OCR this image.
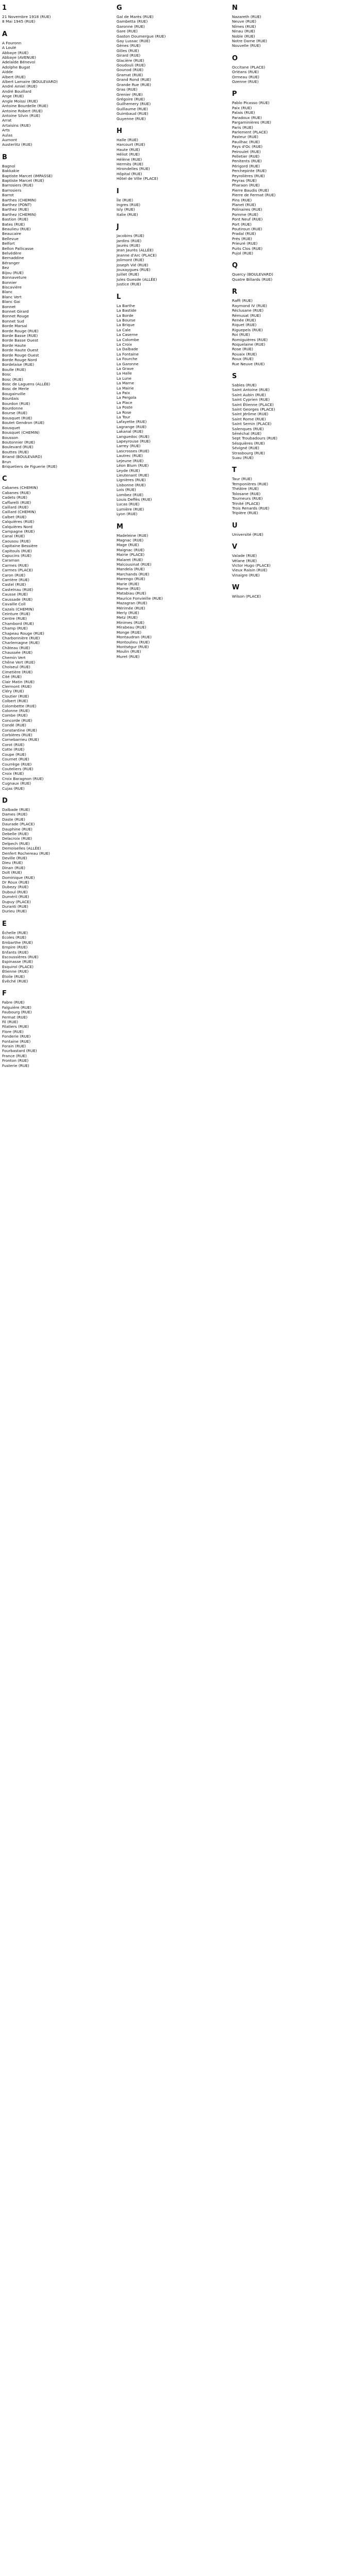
1
21 Novembre 1918 (RUE)
8 Mai 1945 (RUE)
A
A Fouronn
A Loulé
Abbaye (RUE)
Abbaye (AVENUE)
Adelaïde Bénevol
Adolphe Bugat
Aidde
Albert (RUE)
Albert Lamaire (BOULEVARD)
André Amiel (RUE)
André Bouillard
Ange (RUE)
Angle Moissi (RUE)
Antoine Bourdelle (RUE)
Antoine Robert (RUE)
Antoine Silvin (RUE)
Arrat
Artaisins (RUE)
Arts
Aulas
Aumont
Austerlitz (RUE)
B
Bagnol
Bakkakie
Baptiste Marcet (IMPASSE)
Baptiste Marcet (RUE)
Barrosiers (RUE)
Barrosiers
Barrot
Barthes (CHEMIN)
Barthez (PONT)
Barthez (RUE)
Barthez (CHEMIN)
Bastion (RUE)
Bates (RUE)
Beaulieu (RUE)
Beaucaire
Bellevue
Belfort
Bellon Pallicasse
Belvédère
Bernaddine
Béranger
Bez
Bijou (RUE)
Bonnaveture
Bonnier
Biscavière
Blanc
Blanc Vert
Blanc Gai
Bonnet
Bonnet Girard
Bonnet Rouge
Bonnet Sud
Borde Marsal
Borde Rouge (RUE)
Borde Basse (RUE)
Borde Basse Ouest
Borde Haute
Borde Haute Ouest
Borde Rouge Ouest
Borde Rouge Nord
Bordelaise (RUE)
Boulle (RUE)
Bosc
Bosc (RUE)
Bosc de Laguens (ALLÉE)
Bosc de Merle
Bougainville
Bourdais
Bourdon (RUE)
Bourdonne
Bourse (RUE)
Bousquet (RUE)
Boutet Gendron (RUE)
Bousquet
Bousquet (CHEMIN)
Bousson
Boutonnier (RUE)
Boulevard (RUE)
Bouttes (RUE)
Briand (BOULEVARD)
Brun
Briquetiers de Figuerie (RUE)
C
Cabanes (CHEMIN)
Cabanes (RUE)
Cadets (RUE)
Caffarelli (RUE)
Caillard (RUE)
Caillard (CHEMIN)
Calbet (RUE)
Calquières (RUE)
Calquières Nord
Campagne (RUE)
Canal (RUE)
Caousou (RUE)
Capitaine Bessière
Capitouls (RUE)
Capucins (RUE)
Caraman
Carmes (RUE)
Carmes (PLACE)
Caron (RUE)
Carrière (RUE)
Castel (RUE)
Castelnau (RUE)
Causse (RUE)
Caussade (RUE)
Cavaille Coll
Cazals (CHEMIN)
Ceinture (RUE)
Centre (RUE)
Chambord (RUE)
Champ (RUE)
Chapeau Rouge (RUE)
Charbonnière (RUE)
Charlemagne (RUE)
Château (RUE)
Chaussée (RUE)
Chemin Vert
Chêne Vert (RUE)
Choiseul (RUE)
Cimetière (RUE)
Cité (RUE)
Clair Matin (RUE)
Clermont (RUE)
Cléry (RUE)
Cloutier (RUE)
Colbert (RUE)
Colombette (RUE)
Colonne (RUE)
Combe (RUE)
Concorde (RUE)
Condé (RUE)
Constantine (RUE)
Corbières (RUE)
Cornebarrieu (RUE)
Corot (RUE)
Cotte (RUE)
Coupe (RUE)
Cournet (RUE)
Courrège (RUE)
Couteliers (RUE)
Croix (RUE)
Croix Baragnon (RUE)
Cugnaux (RUE)
Cujas (RUE)
D
Dalbade (RUE)
Dames (RUE)
Daste (RUE)
Daurade (PLACE)
Dauphine (RUE)
Debelle (RUE)
Delacroix (RUE)
Delpech (RUE)
Demoiselles (ALLÉE)
Denfert Rochereau (RUE)
Deville (RUE)
Dieu (RUE)
Dinan (RUE)
Dolt (RUE)
Dominique (RUE)
Dr Roux (RUE)
Dubezy (RUE)
Duboul (RUE)
Duméril (RUE)
Dupuy (PLACE)
Duranti (RUE)
Durieu (RUE)
E
Échelle (RUE)
Écoles (RUE)
Embarthe (RUE)
Empire (RUE)
Enfants (RUE)
Escoussières (RUE)
Espinasse (RUE)
Esquirol (PLACE)
Étienne (RUE)
Étoile (RUE)
Évêché (RUE)
F
Fabre (RUE)
Falguière (RUE)
Faubourg (RUE)
Fermat (RUE)
Fil (RUE)
Filatiers (RUE)
Flore (RUE)
Fonderie (RUE)
Fontaine (RUE)
Forain (RUE)
Fourbastard (RUE)
France (RUE)
Fronton (RUE)
Fusterie (RUE)
G
Gal de Marès (RUE)
Gambetta (RUE)
Garonne (RUE)
Gare (RUE)
Gaston Doumergue (RUE)
Gay Lussac (RUE)
Gènes (RUE)
Gilles (RUE)
Girard (RUE)
Glacière (RUE)
Goudouli (RUE)
Gounod (RUE)
Gramat (RUE)
Grand Rond (RUE)
Grande Rue (RUE)
Gras (RUE)
Grenier (RUE)
Grégoire (RUE)
Guilhemery (RUE)
Guillaume (RUE)
Guimbaud (RUE)
Guyenne (RUE)
H
Halle (RUE)
Harcourt (RUE)
Haute (RUE)
Héliot (RUE)
Hélène (RUE)
Hermès (RUE)
Hirondelles (RUE)
Hôpital (RUE)
Hôtel de Ville (PLACE)
I
Île (RUE)
Ingres (RUE)
Isly (RUE)
Italie (RUE)
J
Jacobins (RUE)
Jardins (RUE)
Jaurès (RUE)
Jean Jaurès (ALLÉE)
Jeanne d'Arc (PLACE)
Jolimont (RUE)
Joseph Vié (RUE)
Jouxaygues (RUE)
Juillet (RUE)
Jules Guesde (ALLÉE)
Justice (RUE)
L
La Barthe
La Bastide
La Borde
La Bourse
La Brique
La Cale
La Caserne
La Colombe
La Croix
La Dalbade
La Fontaine
La Fourche
La Garonne
La Grave
La Halle
La Lune
La Marne
La Mairie
La Paix
La Pergola
La Place
La Poste
La Rose
La Tour
Lafayette (RUE)
Lagrange (RUE)
Lakanal (RUE)
Languedoc (RUE)
Lapeyrouse (RUE)
Larrey (RUE)
Lascrosses (RUE)
Lautrec (RUE)
Lejeune (RUE)
Léon Blum (RUE)
Leyde (RUE)
Lieutenant (RUE)
Lignières (RUE)
Lisbonne (RUE)
Lois (RUE)
Lombez (RUE)
Louis Deffès (RUE)
Lucas (RUE)
Lumière (RUE)
Lyon (RUE)
M
Madeleine (RUE)
Magnac (RUE)
Mage (RUE)
Maignac (RUE)
Mairie (PLACE)
Malaret (RUE)
Malcousinat (RUE)
Mandela (RUE)
Marchands (RUE)
Marengo (RUE)
Marie (RUE)
Marne (RUE)
Matabiau (RUE)
Maurice Fonvieille (RUE)
Mazagran (RUE)
Mérimée (RUE)
Merly (RUE)
Metz (RUE)
Minimes (RUE)
Mirabeau (RUE)
Monge (RUE)
Montaudran (RUE)
Montoulieu (RUE)
Montségur (RUE)
Moulin (RUE)
Muret (RUE)
N
Nazareth (RUE)
Neuve (RUE)
Nîmes (RUE)
Ninau (RUE)
Noble (RUE)
Notre Dame (RUE)
Nouvelle (RUE)
O
Occitane (PLACE)
Orléans (RUE)
Ormeau (RUE)
Ozenne (RUE)
P
Pablo Picasso (RUE)
Paix (RUE)
Palais (RUE)
Paradoux (RUE)
Pargaminières (RUE)
Paris (RUE)
Parlement (PLACE)
Pasteur (RUE)
Pauilhac (RUE)
Pays d'Oc (RUE)
Peiroulet (RUE)
Pelletier (RUE)
Penitents (RUE)
Périgord (RUE)
Perchepinte (RUE)
Peyrolières (RUE)
Peyras (RUE)
Pharaon (RUE)
Pierre Baudis (RUE)
Pierre de Fermat (RUE)
Pins (RUE)
Planet (RUE)
Polinaires (RUE)
Pomme (RUE)
Pont Neuf (RUE)
Port (RUE)
Poutiroun (RUE)
Pradal (RUE)
Prés (RUE)
Prieuré (RUE)
Puits Clos (RUE)
Pujol (RUE)
Q
Quercy (BOULEVARD)
Quatre Billards (RUE)
R
Raffi (RUE)
Raymond IV (RUE)
Réclusane (RUE)
Rémusat (RUE)
Renée (RUE)
Riquet (RUE)
Riguepels (RUE)
Roi (RUE)
Romiguières (RUE)
Roquelaine (RUE)
Rose (RUE)
Rouaix (RUE)
Roux (RUE)
Rue Neuve (RUE)
S
Sables (RUE)
Saint Antoine (RUE)
Saint Aubin (RUE)
Saint Cyprien (RUE)
Saint Étienne (PLACE)
Saint Georges (PLACE)
Saint Jérôme (RUE)
Saint Rome (RUE)
Saint Sernin (PLACE)
Salenques (RUE)
Sénéchal (RUE)
Sept Troubadours (RUE)
Sésquières (RUE)
Sévigné (RUE)
Strasbourg (RUE)
Suau (RUE)
T
Taur (RUE)
Temponières (RUE)
Théâtre (RUE)
Tolosane (RUE)
Tourneurs (RUE)
Trinité (PLACE)
Trois Renards (RUE)
Tripière (RUE)
U
Université (RUE)
V
Valade (RUE)
Vélane (RUE)
Victor Hugo (PLACE)
Vieux Raisin (RUE)
Vinaigre (RUE)
W
Wilson (PLACE)
